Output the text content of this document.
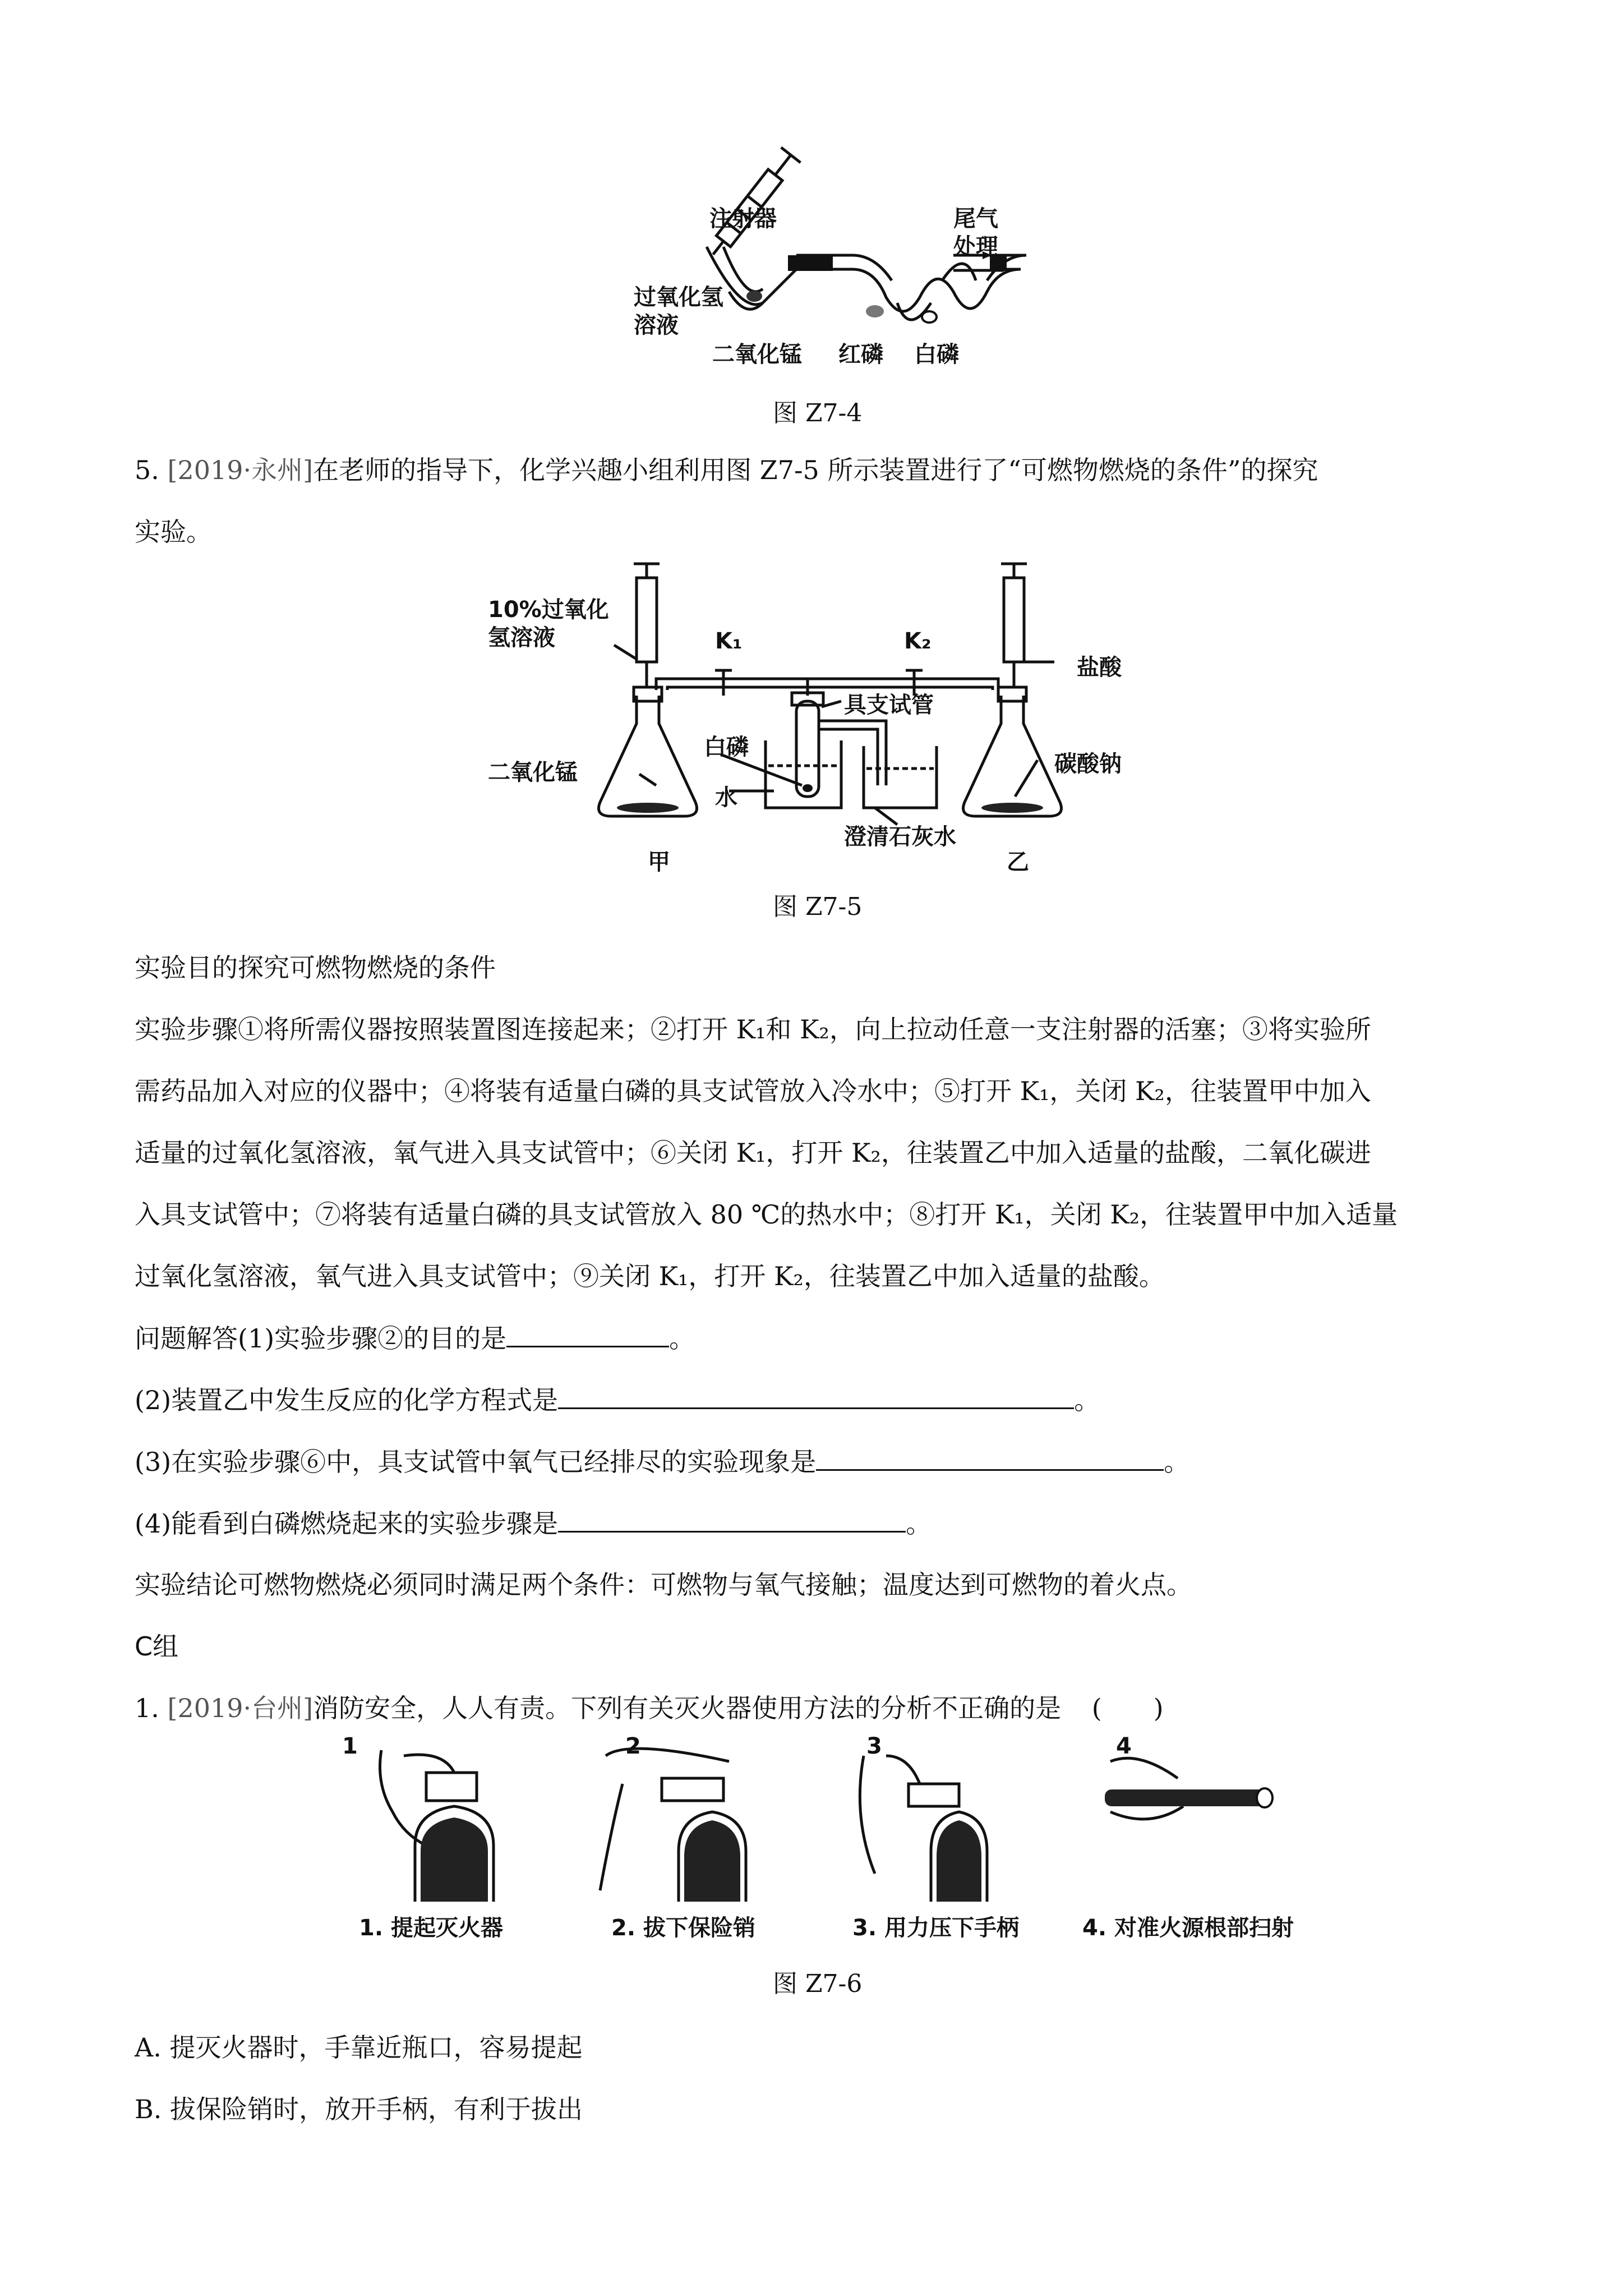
注射器	尾气
处理
过氧化氢
溶液
二氧化锰 红磷 白磷
图 Z7-4
5. [2019·永州]在老师的指导下，化学兴趣小组利用图 Z7-5 所示装置进行了“可燃物燃烧的条件”的探究
实验。
10%过氧化
氢溶液	K₁	K₂
盐酸
具支试管
白磷
二氧化锰	碳酸钠
水
澄清石灰水
甲	乙
图 Z7-5
实验目的探究可燃物燃烧的条件
实验步骤①将所需仪器按照装置图连接起来；②打开 K₁和 K₂，向上拉动任意一支注射器的活塞；③将实验所
需药品加入对应的仪器中；④将装有适量白磷的具支试管放入冷水中；⑤打开 K₁，关闭 K₂，往装置甲中加入
适量的过氧化氢溶液，氧气进入具支试管中；⑥关闭 K₁，打开 K₂，往装置乙中加入适量的盐酸，二氧化碳进
入具支试管中；⑦将装有适量白磷的具支试管放入 80 ℃的热水中；⑧打开 K₁，关闭 K₂，往装置甲中加入适量
过氧化氢溶液，氧气进入具支试管中；⑨关闭 K₁，打开 K₂，往装置乙中加入适量的盐酸。
问题解答(1)实验步骤②的目的是	。
(2)装置乙中发生反应的化学方程式是	。
(3)在实验步骤⑥中，具支试管中氧气已经排尽的实验现象是	。
(4)能看到白磷燃烧起来的实验步骤是	。
实验结论可燃物燃烧必须同时满足两个条件：可燃物与氧气接触；温度达到可燃物的着火点。
C组
1. [2019·台州]消防安全，人人有责。下列有关灭火器使用方法的分析不正确的是 (　　)
1	2	3	4
1. 提起灭火器	2. 拔下保险销	3. 用力压下手柄	4. 对准火源根部扫射
图 Z7-6
A. 提灭火器时，手靠近瓶口，容易提起
B. 拔保险销时，放开手柄，有利于拔出
